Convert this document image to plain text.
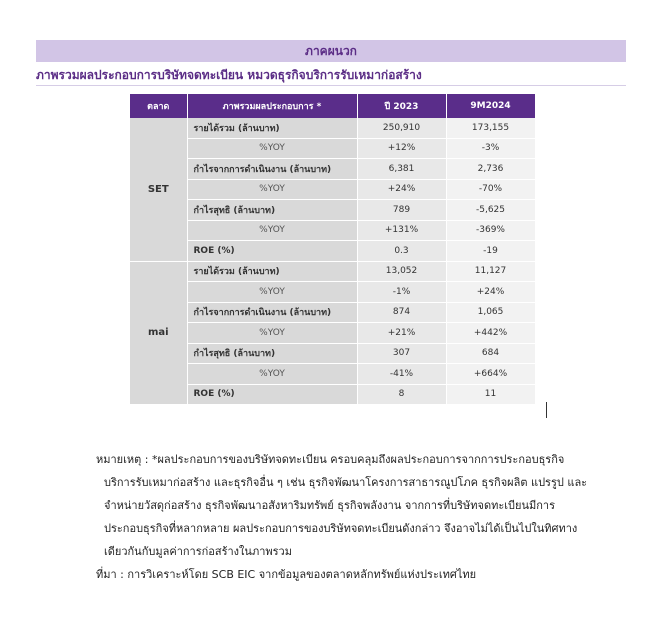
ภาคผนวก
ภาพรวมผลประกอบการบริษัทจดทะเบียน หมวดธุรกิจบริการรับเหมาก่อสร้าง
ตลาด	ภาพรวมผลประกอบการ *	ปี 2023	9M2024
SET	รายได้รวม (ล้านบาท)	250,910	173,155
	%YOY	+12%	-3%
	กำไรจากการดำเนินงาน (ล้านบาท)	6,381	2,736
	%YOY	+24%	-70%
	กำไรสุทธิ (ล้านบาท)	789	-5,625
	%YOY	+131%	-369%
	ROE (%)	0.3	-19
mai	รายได้รวม (ล้านบาท)	13,052	11,127
	%YOY	-1%	+24%
	กำไรจากการดำเนินงาน (ล้านบาท)	874	1,065
	%YOY	+21%	+442%
	กำไรสุทธิ (ล้านบาท)	307	684
	%YOY	-41%	+664%
	ROE (%)	8	11
หมายเหตุ : *ผลประกอบการของบริษัทจดทะเบียน ครอบคลุมถึงผลประกอบการจากการประกอบธุรกิจ
บริการรับเหมาก่อสร้าง และธุรกิจอื่น ๆ เช่น ธุรกิจพัฒนาโครงการสาธารณูปโภค ธุรกิจผลิต แปรรูป และ
จำหน่ายวัสดุก่อสร้าง ธุรกิจพัฒนาอสังหาริมทรัพย์ ธุรกิจพลังงาน จากการที่บริษัทจดทะเบียนมีการ
ประกอบธุรกิจที่หลากหลาย ผลประกอบการของบริษัทจดทะเบียนดังกล่าว จึงอาจไม่ได้เป็นไปในทิศทาง
เดียวกันกับมูลค่าการก่อสร้างในภาพรวม
ที่มา : การวิเคราะห์โดย SCB EIC จากข้อมูลของตลาดหลักทรัพย์แห่งประเทศไทย
